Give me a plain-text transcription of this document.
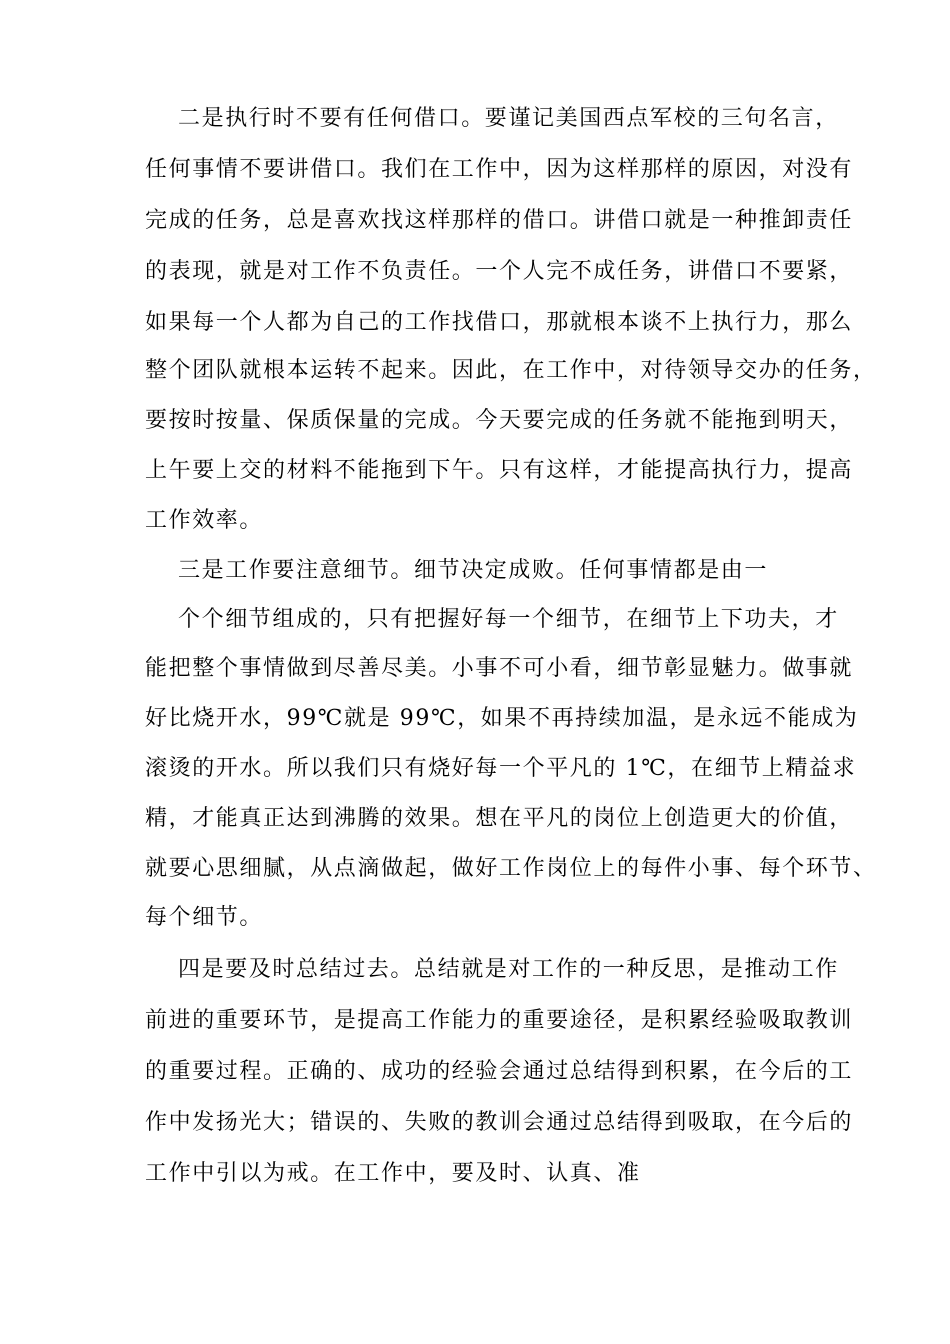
二是执行时不要有任何借口。要谨记美国西点军校的三句名言，
任何事情不要讲借口。我们在工作中，因为这样那样的原因，对没有
完成的任务，总是喜欢找这样那样的借口。讲借口就是一种推卸责任
的表现，就是对工作不负责任。一个人完不成任务，讲借口不要紧，
如果每一个人都为自己的工作找借口，那就根本谈不上执行力，那么
整个团队就根本运转不起来。因此，在工作中，对待领导交办的任务，
要按时按量、保质保量的完成。今天要完成的任务就不能拖到明天，
上午要上交的材料不能拖到下午。只有这样，才能提高执行力，提高
工作效率。
三是工作要注意细节。细节决定成败。任何事情都是由一
个个细节组成的，只有把握好每一个细节，在细节上下功夫，才
能把整个事情做到尽善尽美。小事不可小看，细节彰显魅力。做事就
好比烧开水，99℃就是 99℃，如果不再持续加温，是永远不能成为
滚烫的开水。所以我们只有烧好每一个平凡的 1℃，在细节上精益求
精，才能真正达到沸腾的效果。想在平凡的岗位上创造更大的价值，
就要心思细腻，从点滴做起，做好工作岗位上的每件小事、每个环节、
每个细节。
四是要及时总结过去。总结就是对工作的一种反思，是推动工作
前进的重要环节，是提高工作能力的重要途径，是积累经验吸取教训
的重要过程。正确的、成功的经验会通过总结得到积累，在今后的工
作中发扬光大；错误的、失败的教训会通过总结得到吸取，在今后的
工作中引以为戒。在工作中，要及时、认真、准
